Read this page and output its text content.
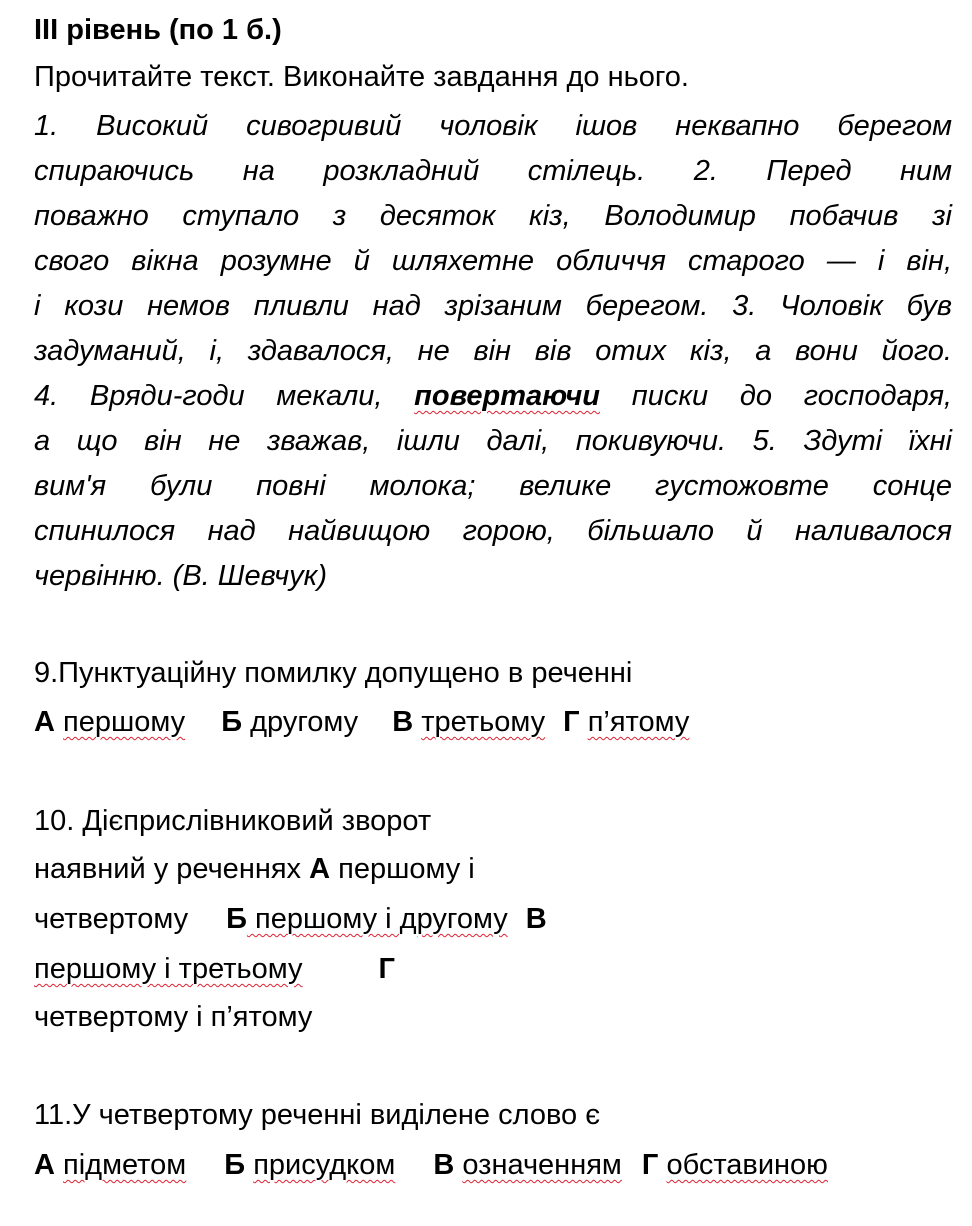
ІІІ рівень (по 1 б.)
Прочитайте текст. Виконайте завдання до нього.
1. Високий сивогривий чоловік ішов неквапно берегом
спираючись на розкладний стілець. 2. Перед ним
поважно ступало з десяток кіз, Володимир побачив зі
свого вікна розумне й шляхетне обличчя старого — і він,
і кози немов пливли над зрізаним берегом. 3. Чоловік був
задуманий, і, здавалося, не він вів отих кіз, а вони його.
4. Вряди-годи мекали, повертаючи писки до господаря,
а що він не зважав, ішли далі, покивуючи. 5. Здуті їхні
вим'я були повні молока; велике густожовте сонце
спинилося над найвищою горою, більшало й наливалося
червінню. (В. Шевчук)
9.Пунктуаційну помилку допущено в реченні
А першому Б другому В третьому Г п’ятому
10. Дієприслівниковий зворот
наявний у реченнях А першому і
четвертому Б першому і другому В
першому і третьому	Г
четвертому і п’ятому
11.У четвертому реченні виділене слово є
А підметом Б присудком В означенням Г обставиною
